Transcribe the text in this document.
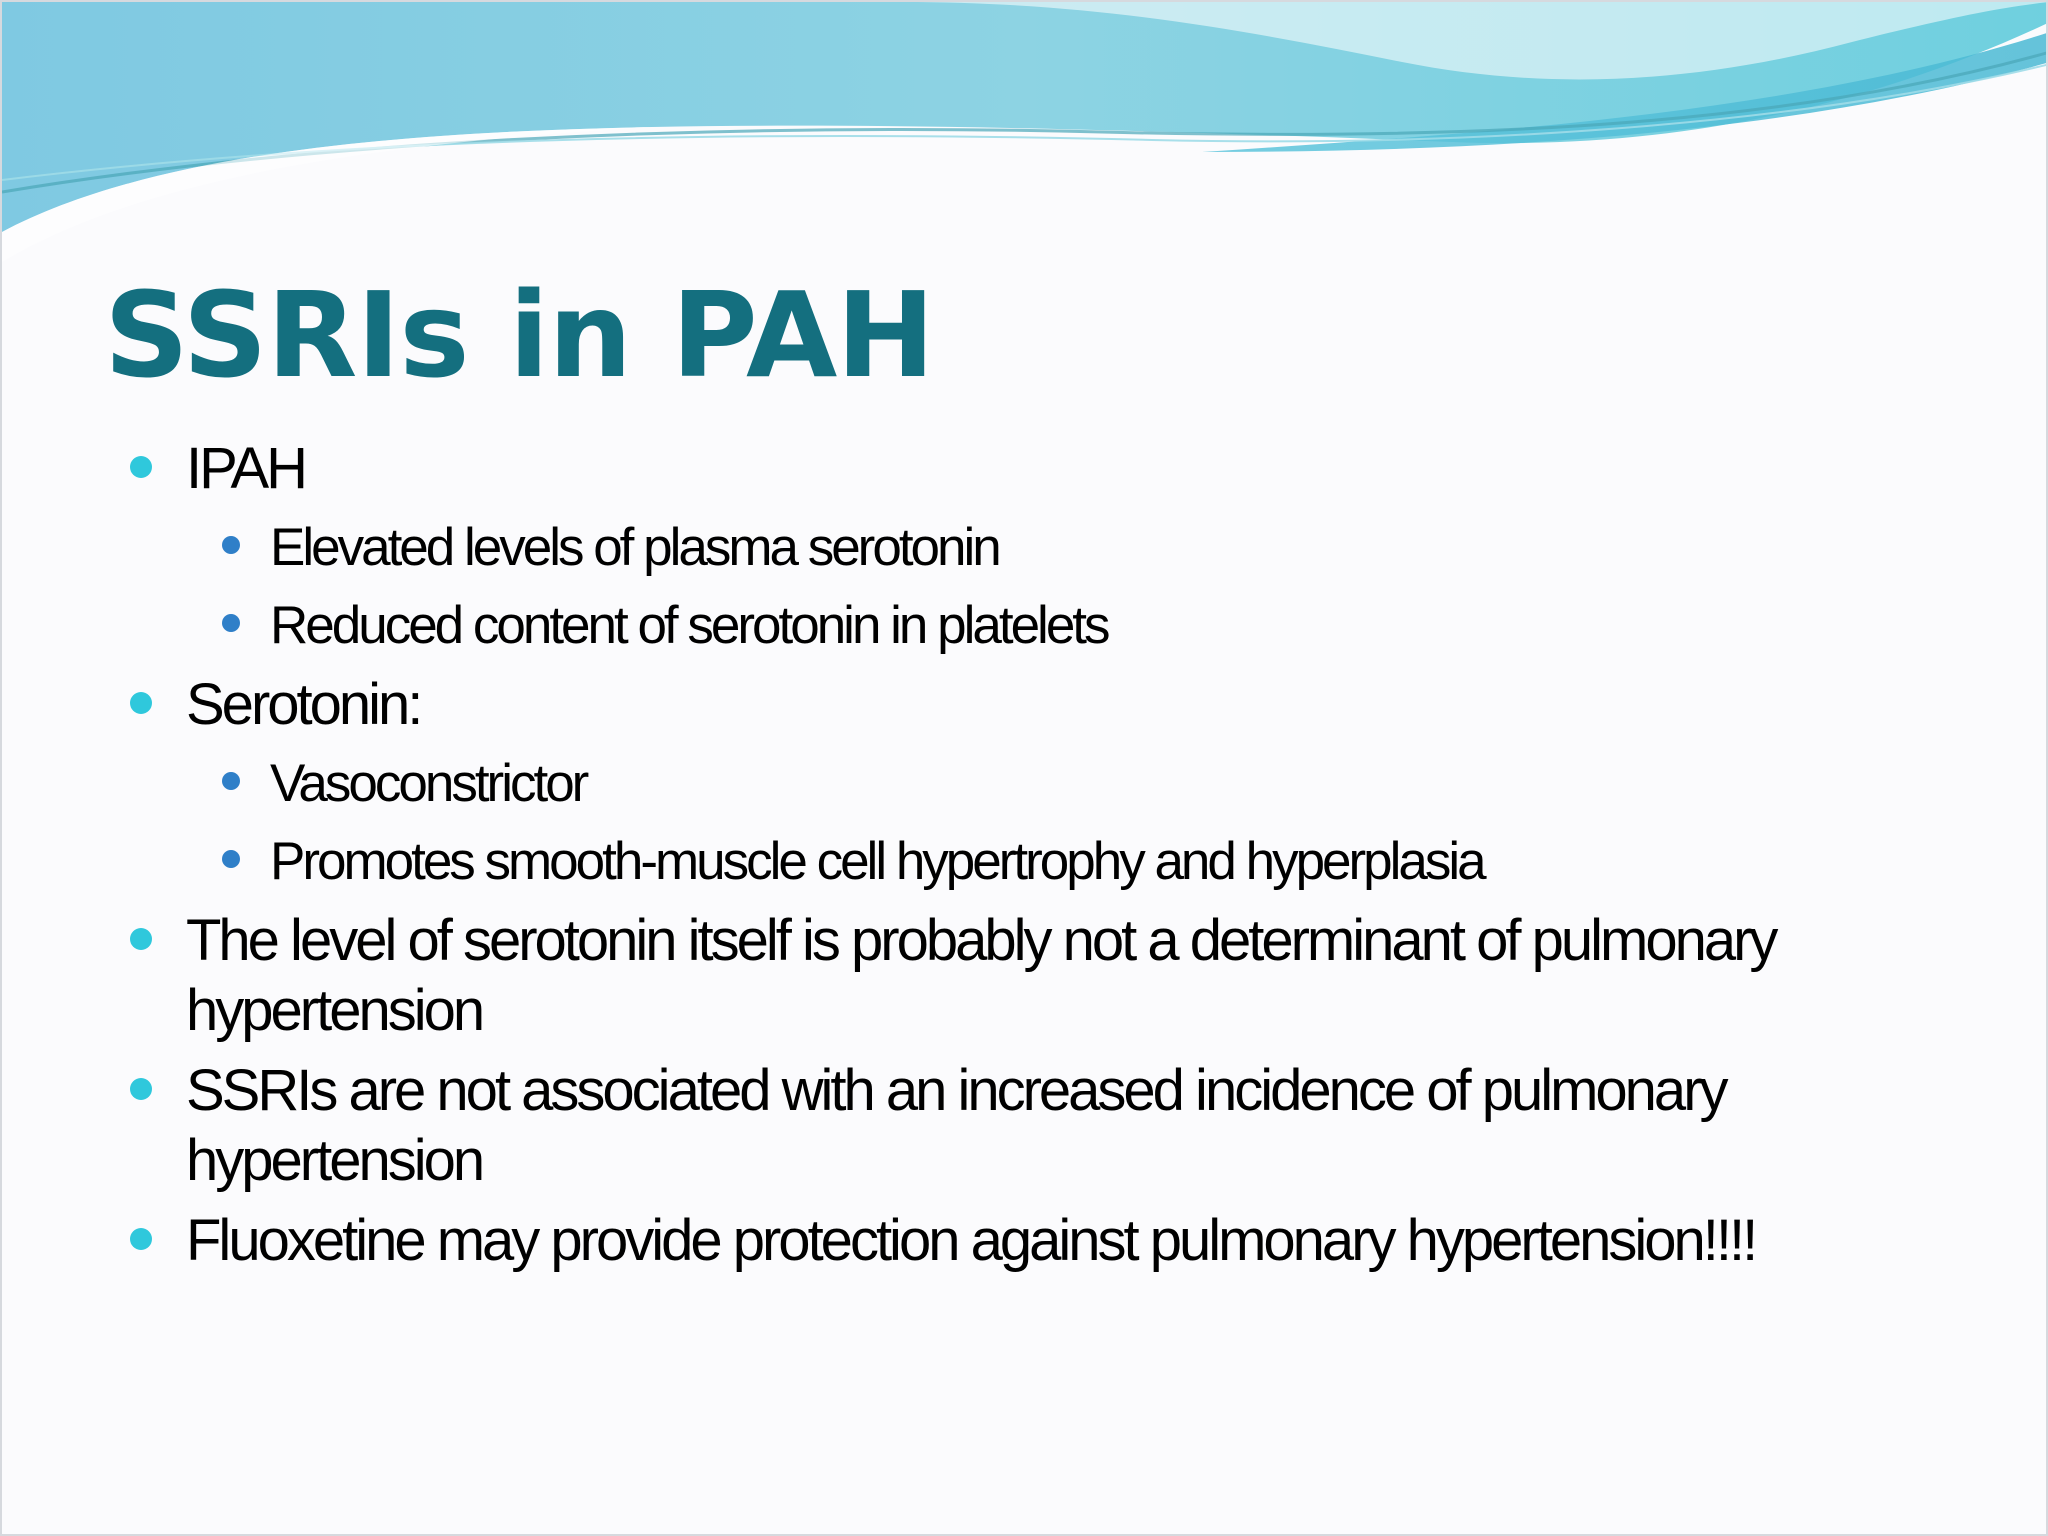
SSRIs in PAH
IPAH
Elevated levels of plasma serotonin
Reduced content of serotonin in platelets
Serotonin:
Vasoconstrictor
Promotes smooth-muscle cell hypertrophy and hyperplasia
The level of serotonin itself is probably not a determinant of pulmonary hypertension
SSRIs are not associated with an increased incidence of pulmonary hypertension
Fluoxetine may provide protection against pulmonary hypertension!!!!
